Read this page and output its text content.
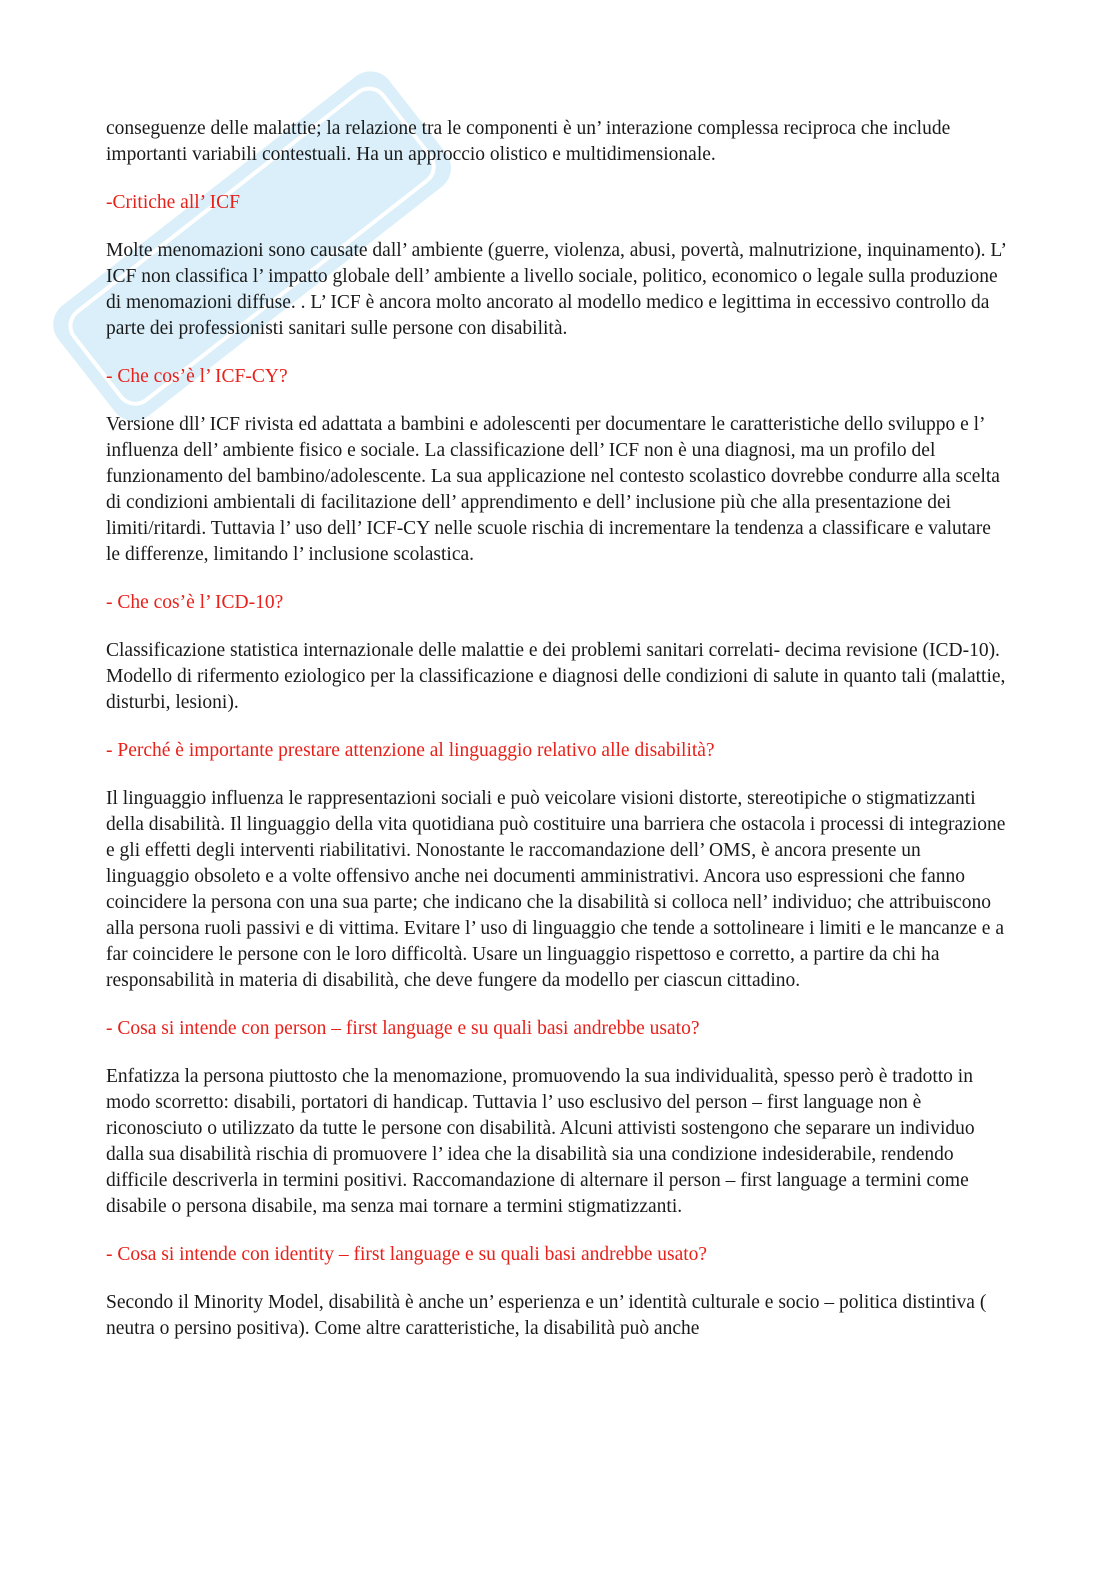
conseguenze delle malattie; la relazione tra le componenti è un’ interazione complessa reciproca che include importanti variabili contestuali. Ha un approccio olistico e multidimensionale.

-Critiche all’ ICF

Molte menomazioni sono causate dall’ ambiente (guerre, violenza, abusi, povertà, malnutrizione, inquinamento). L’ ICF non classifica l’ impatto globale dell’ ambiente a livello sociale, politico, economico o legale sulla produzione di menomazioni diffuse. . L’ ICF è ancora molto ancorato al modello medico e legittima in eccessivo controllo da parte dei professionisti sanitari sulle persone con disabilità.

- Che cos’è l’ ICF-CY?

Versione dll’ ICF rivista ed adattata a bambini e adolescenti per documentare le caratteristiche dello sviluppo e l’ influenza dell’ ambiente fisico e sociale. La classificazione dell’ ICF non è una diagnosi, ma un profilo del funzionamento del bambino/adolescente. La sua applicazione nel contesto scolastico dovrebbe condurre alla scelta di condizioni ambientali di facilitazione dell’ apprendimento e dell’ inclusione più che alla presentazione dei limiti/ritardi. Tuttavia l’ uso dell’ ICF-CY nelle scuole rischia di incrementare la tendenza a classificare e valutare le differenze, limitando l’ inclusione scolastica.

- Che cos’è l’ ICD-10?

Classificazione statistica internazionale delle malattie e dei problemi sanitari correlati- decima revisione (ICD-10). Modello di rifermento eziologico per la classificazione e diagnosi delle condizioni di salute in quanto tali (malattie, disturbi, lesioni).

- Perché è importante prestare attenzione al linguaggio relativo alle disabilità?

Il linguaggio influenza le rappresentazioni sociali e può veicolare visioni distorte, stereotipiche o stigmatizzanti della disabilità. Il linguaggio della vita quotidiana può costituire una barriera che ostacola i processi di integrazione e gli effetti degli interventi riabilitativi. Nonostante le raccomandazione dell’ OMS, è ancora presente un linguaggio obsoleto e a volte offensivo anche nei documenti amministrativi. Ancora uso espressioni che fanno coincidere la persona con una sua parte; che indicano che la disabilità si colloca nell’ individuo; che attribuiscono alla persona ruoli passivi e di vittima. Evitare l’ uso di linguaggio che tende a sottolineare i limiti e le mancanze e a far coincidere le persone con le loro difficoltà. Usare un linguaggio rispettoso e corretto, a partire da chi ha responsabilità in materia di disabilità, che deve fungere da modello per ciascun cittadino.

- Cosa si intende con person – first language e su quali basi andrebbe usato?

Enfatizza la persona piuttosto che la menomazione, promuovendo la sua individualità, spesso però è tradotto in modo scorretto: disabili, portatori di handicap. Tuttavia l’ uso esclusivo del person – first language non è riconosciuto o utilizzato da tutte le persone con disabilità. Alcuni attivisti sostengono che separare un individuo dalla sua disabilità rischia di promuovere l’ idea che la disabilità sia una condizione indesiderabile, rendendo difficile descriverla in termini positivi. Raccomandazione di alternare il person – first language a termini come disabile o persona disabile, ma senza mai tornare a termini stigmatizzanti.

- Cosa si intende con identity – first language e su quali basi andrebbe usato?

Secondo il Minority Model, disabilità è anche un’ esperienza e un’ identità culturale e socio – politica distintiva ( neutra o persino positiva). Come altre caratteristiche, la disabilità può anche
